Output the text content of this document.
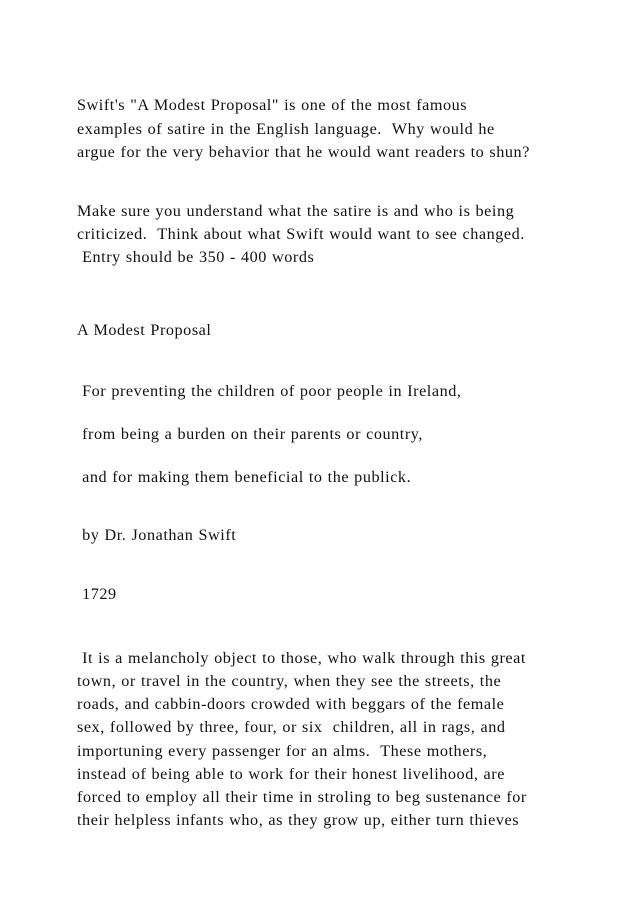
Swift's "A Modest Proposal" is one of the most famous

examples of satire in the English language.  Why would he

argue for the very behavior that he would want readers to shun?

Make sure you understand what the satire is and who is being

criticized.  Think about what Swift would want to see changed.

Entry should be 350 - 400 words

A Modest Proposal

For preventing the children of poor people in Ireland,

from being a burden on their parents or country,

and for making them beneficial to the publick.

by Dr. Jonathan Swift

1729

It is a melancholy object to those, who walk through this great

town, or travel in the country, when they see the streets, the

roads, and cabbin-doors crowded with beggars of the female

sex, followed by three, four, or six  children, all in rags, and

importuning every passenger for an alms.  These mothers,

instead of being able to work for their honest livelihood, are

forced to employ all their time in stroling to beg sustenance for

their helpless infants who, as they grow up, either turn thieves
